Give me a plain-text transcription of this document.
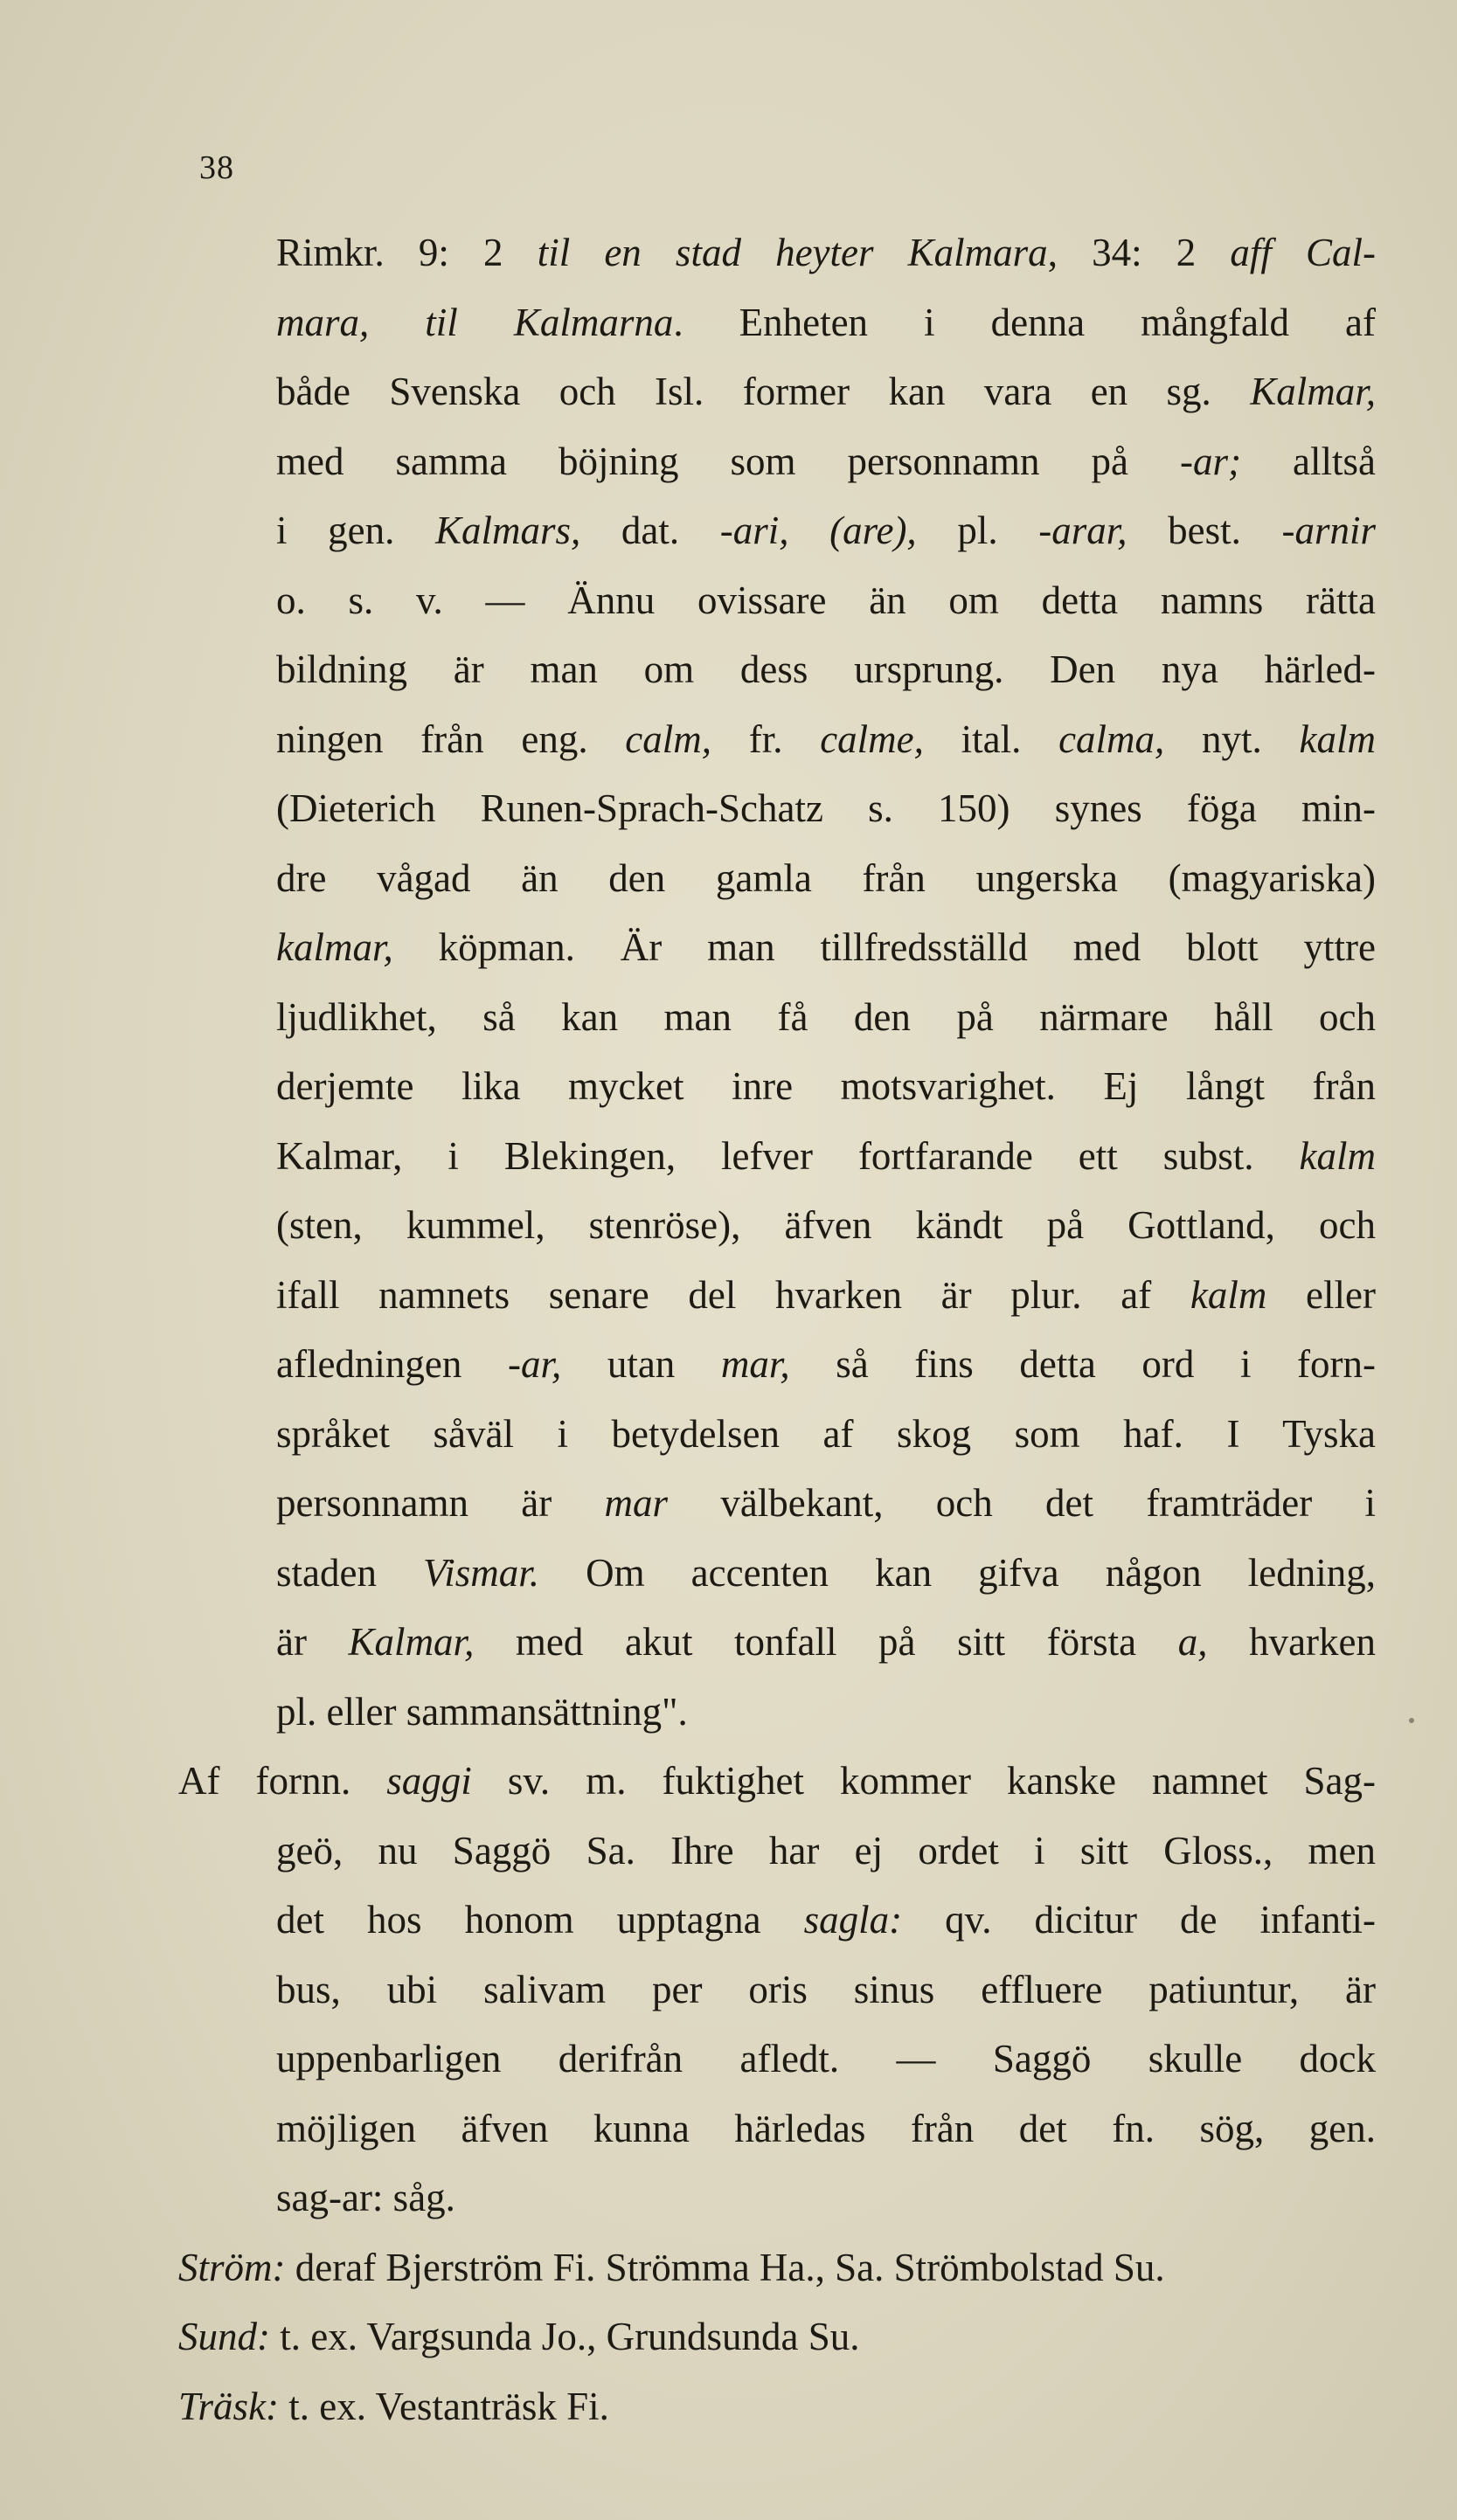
38
Rimkr. 9: 2 til en stad heyter Kalmara, 34: 2 aff Cal-
mara, til Kalmarna. Enheten i denna mångfald af
både Svenska och Isl. former kan vara en sg. Kalmar,
med samma böjning som personnamn på -ar; alltså
i gen. Kalmars, dat. -ari, (are), pl. -arar, best. -arnir
o. s. v. — Ännu ovissare än om detta namns rätta
bildning är man om dess ursprung. Den nya härled-
ningen från eng. calm, fr. calme, ital. calma, nyt. kalm
(Dieterich Runen-Sprach-Schatz s. 150) synes föga min-
dre vågad än den gamla från ungerska (magyariska)
kalmar, köpman. Är man tillfredsställd med blott yttre
ljudlikhet, så kan man få den på närmare håll och
derjemte lika mycket inre motsvarighet. Ej långt från
Kalmar, i Blekingen, lefver fortfarande ett subst. kalm
(sten, kummel, stenröse), äfven kändt på Gottland, och
ifall namnets senare del hvarken är plur. af kalm eller
afledningen -ar, utan mar, så fins detta ord i forn-
språket såväl i betydelsen af skog som haf. I Tyska
personnamn är mar välbekant, och det framträder i
staden Vismar. Om accenten kan gifva någon ledning,
är Kalmar, med akut tonfall på sitt första a, hvarken
pl. eller sammansättning".
Af fornn. saggi sv. m. fuktighet kommer kanske namnet Sag-
geö, nu Saggö Sa. Ihre har ej ordet i sitt Gloss., men
det hos honom upptagna sagla: qv. dicitur de infanti-
bus, ubi salivam per oris sinus effluere patiuntur, är
uppenbarligen derifrån afledt. — Saggö skulle dock
möjligen äfven kunna härledas från det fn. sög, gen.
sag-ar: såg.
Ström: deraf Bjerström Fi. Strömma Ha., Sa. Strömbolstad Su.
Sund: t. ex. Vargsunda Jo., Grundsunda Su.
Träsk: t. ex. Vestanträsk Fi.
